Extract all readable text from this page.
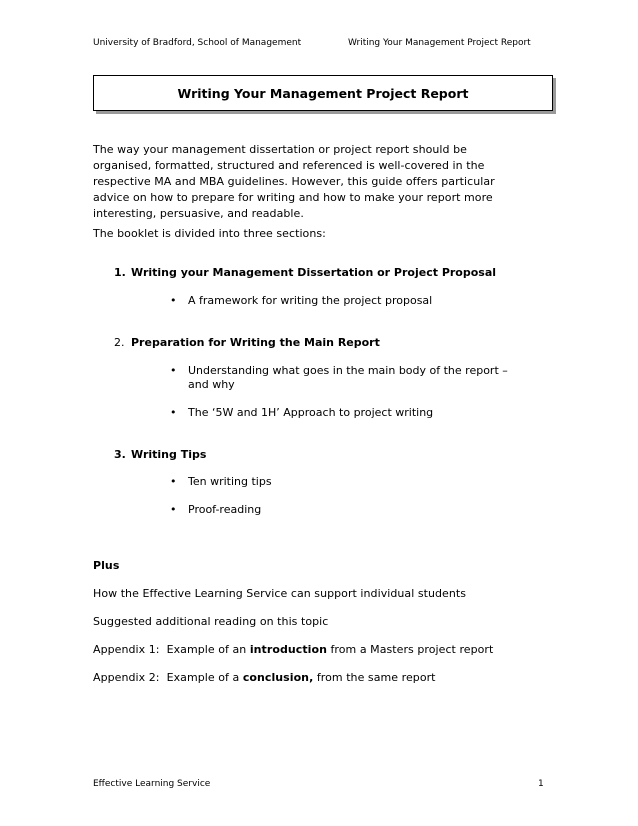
University of Bradford, School of Management	Writing Your Management Project Report
Writing Your Management Project Report
The way your management dissertation or project report should be
organised, formatted, structured and referenced is well-covered in the
respective MA and MBA guidelines. However, this guide offers particular
advice on how to prepare for writing and how to make your report more
interesting, persuasive, and readable.
The booklet is divided into three sections:
1. Writing your Management Dissertation or Project Proposal
• A framework for writing the project proposal
2. Preparation for Writing the Main Report
• Understanding what goes in the main body of the report –
and why
• The ‘5W and 1H’ Approach to project writing
3. Writing Tips
• Ten writing tips
• Proof-reading
Plus
How the Effective Learning Service can support individual students
Suggested additional reading on this topic
Appendix 1:  Example of an introduction from a Masters project report
Appendix 2:  Example of a conclusion, from the same report
Effective Learning Service	1
